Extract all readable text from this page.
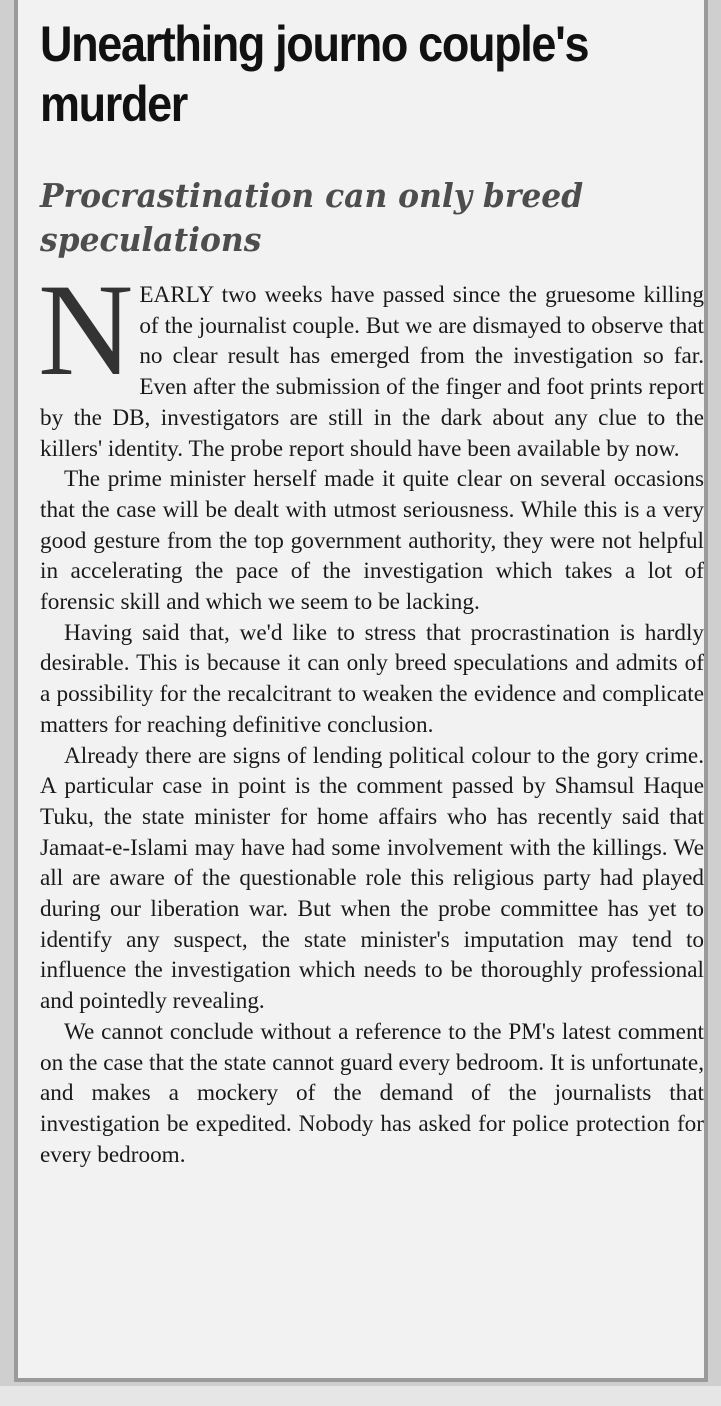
Unearthing journo couple's murder
Procrastination can only breed speculations

NEARLY two weeks have passed since the gruesome killing of the journalist couple. But we are dismayed to observe that no clear result has emerged from the investigation so far. Even after the submission of the finger and foot prints report by the DB, investigators are still in the dark about any clue to the killers' identity. The probe report should have been available by now.

The prime minister herself made it quite clear on several occasions that the case will be dealt with utmost seriousness. While this is a very good gesture from the top government authority, they were not helpful in accelerating the pace of the investigation which takes a lot of forensic skill and which we seem to be lacking.

Having said that, we'd like to stress that procrastination is hardly desirable. This is because it can only breed speculations and admits of a possibility for the recalcitrant to weaken the evidence and complicate matters for reaching definitive conclusion.

Already there are signs of lending political colour to the gory crime. A particular case in point is the comment passed by Shamsul Haque Tuku, the state minister for home affairs who has recently said that Jamaat-e-Islami may have had some involvement with the killings. We all are aware of the questionable role this religious party had played during our liberation war. But when the probe committee has yet to identify any suspect, the state minister's imputation may tend to influence the investigation which needs to be thoroughly professional and pointedly revealing.

We cannot conclude without a reference to the PM's latest comment on the case that the state cannot guard every bedroom. It is unfortunate, and makes a mockery of the demand of the journalists that investigation be expedited. Nobody has asked for police protection for every bedroom.
